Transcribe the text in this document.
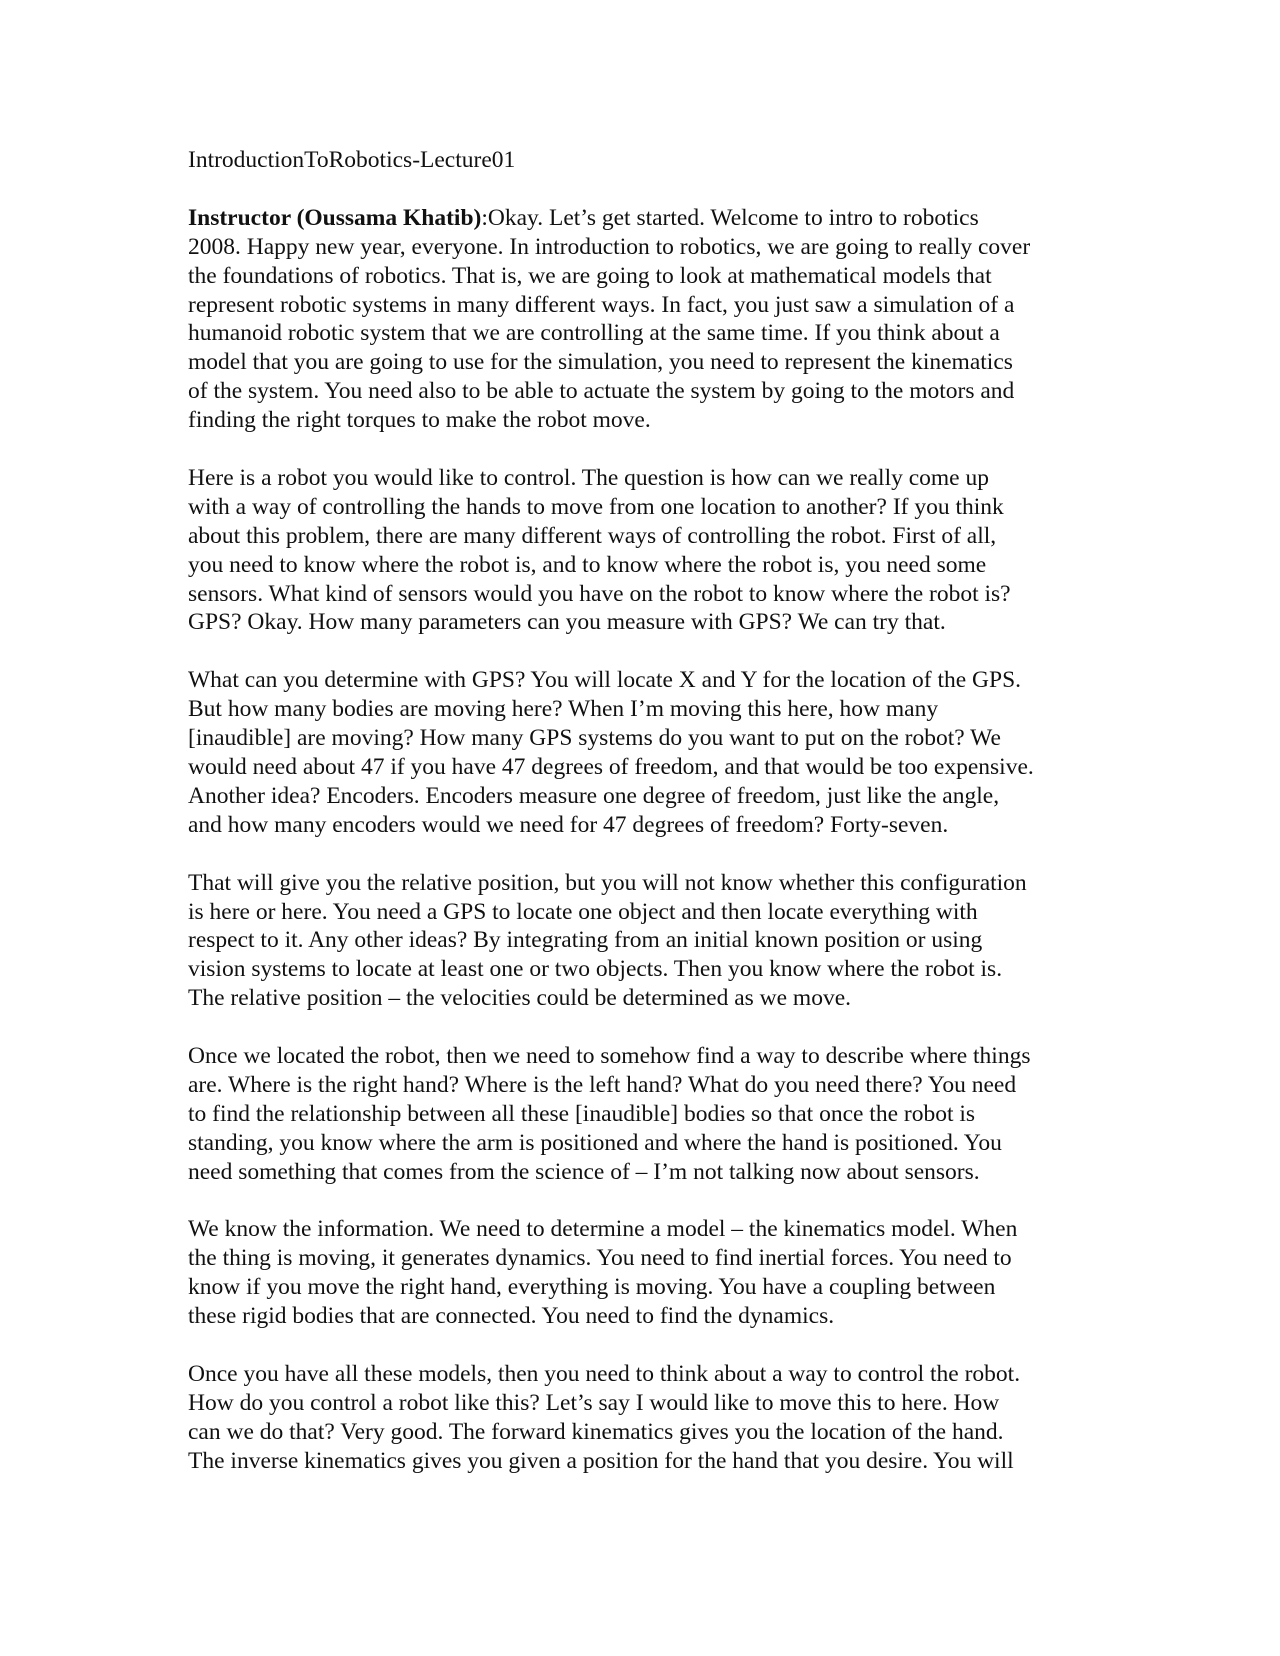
IntroductionToRobotics-Lecture01
Instructor (Oussama Khatib):Okay. Let’s get started. Welcome to intro to robotics
2008. Happy new year, everyone. In introduction to robotics, we are going to really cover
the foundations of robotics. That is, we are going to look at mathematical models that
represent robotic systems in many different ways. In fact, you just saw a simulation of a
humanoid robotic system that we are controlling at the same time. If you think about a
model that you are going to use for the simulation, you need to represent the kinematics
of the system. You need also to be able to actuate the system by going to the motors and
finding the right torques to make the robot move.
Here is a robot you would like to control. The question is how can we really come up
with a way of controlling the hands to move from one location to another? If you think
about this problem, there are many different ways of controlling the robot. First of all,
you need to know where the robot is, and to know where the robot is, you need some
sensors. What kind of sensors would you have on the robot to know where the robot is?
GPS? Okay. How many parameters can you measure with GPS? We can try that.
What can you determine with GPS? You will locate X and Y for the location of the GPS.
But how many bodies are moving here? When I’m moving this here, how many
[inaudible] are moving? How many GPS systems do you want to put on the robot? We
would need about 47 if you have 47 degrees of freedom, and that would be too expensive.
Another idea? Encoders. Encoders measure one degree of freedom, just like the angle,
and how many encoders would we need for 47 degrees of freedom? Forty-seven.
That will give you the relative position, but you will not know whether this configuration
is here or here. You need a GPS to locate one object and then locate everything with
respect to it. Any other ideas? By integrating from an initial known position or using
vision systems to locate at least one or two objects. Then you know where the robot is.
The relative position – the velocities could be determined as we move.
Once we located the robot, then we need to somehow find a way to describe where things
are. Where is the right hand? Where is the left hand? What do you need there? You need
to find the relationship between all these [inaudible] bodies so that once the robot is
standing, you know where the arm is positioned and where the hand is positioned. You
need something that comes from the science of – I’m not talking now about sensors.
We know the information. We need to determine a model – the kinematics model. When
the thing is moving, it generates dynamics. You need to find inertial forces. You need to
know if you move the right hand, everything is moving. You have a coupling between
these rigid bodies that are connected. You need to find the dynamics.
Once you have all these models, then you need to think about a way to control the robot.
How do you control a robot like this? Let’s say I would like to move this to here. How
can we do that? Very good. The forward kinematics gives you the location of the hand.
The inverse kinematics gives you given a position for the hand that you desire. You will
